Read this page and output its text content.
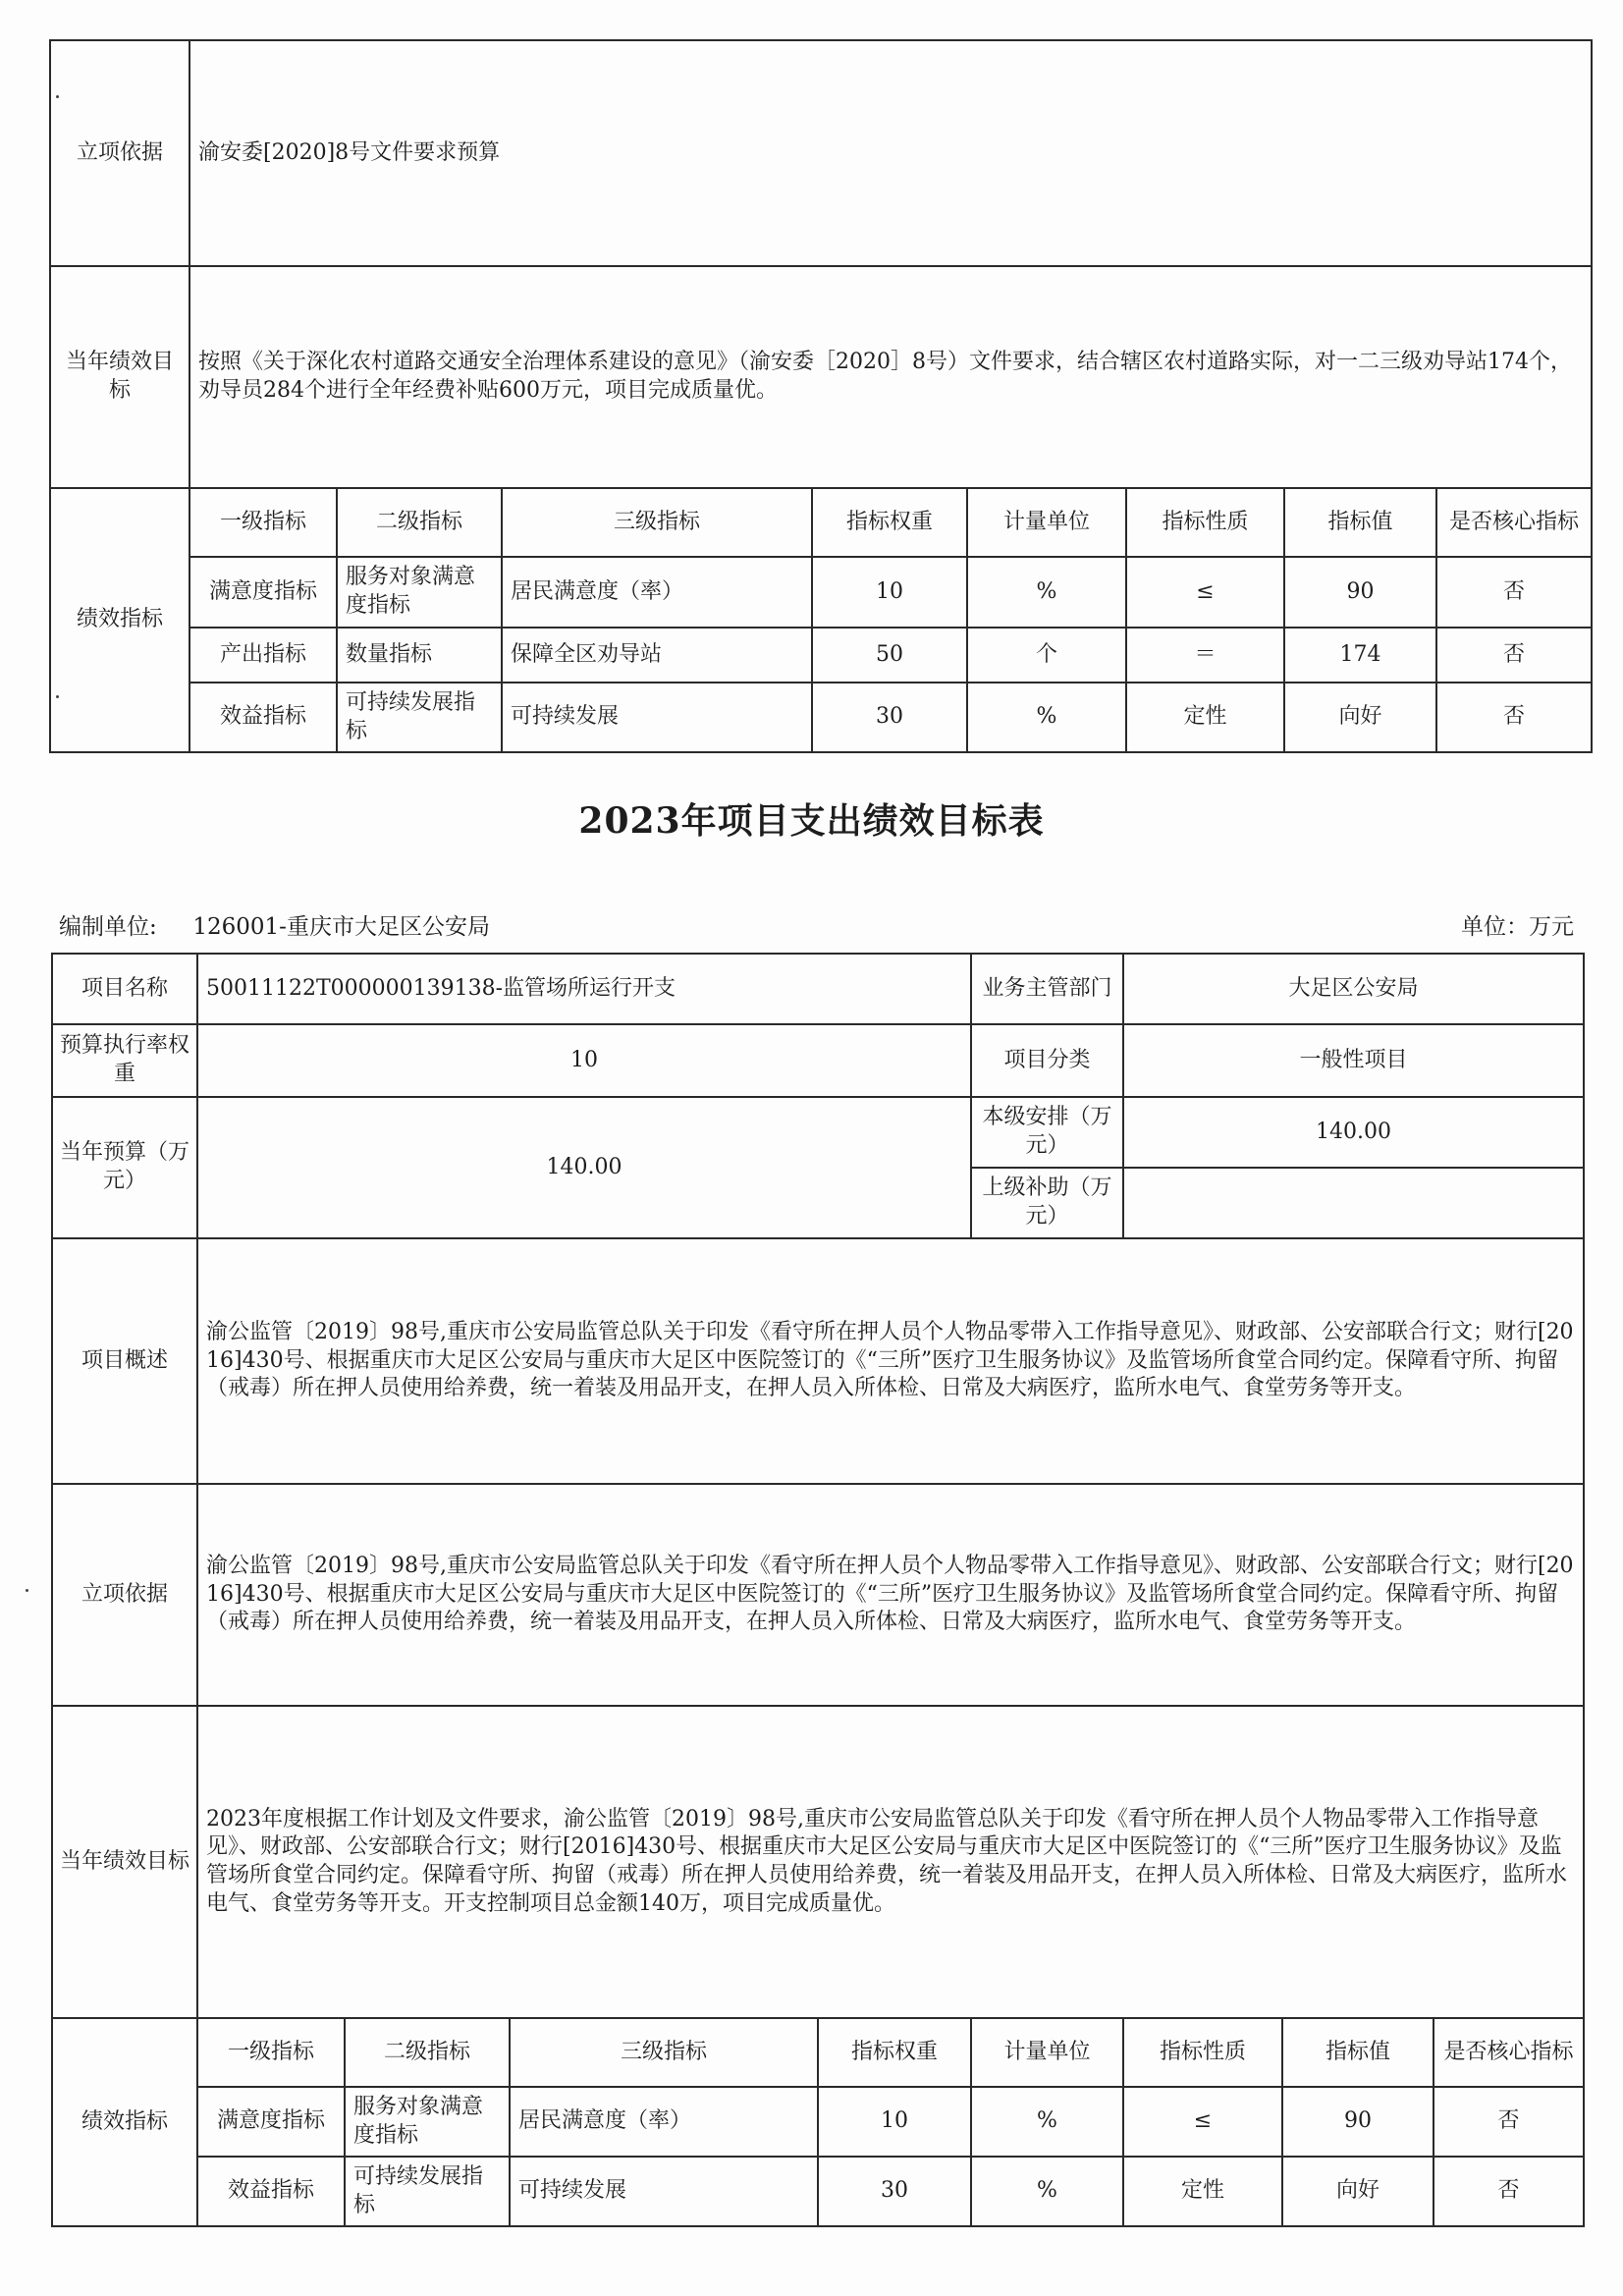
立项依据	渝安委[2020]8号文件要求预算							
当年绩效目标	按照《关于深化农村道路交通安全治理体系建设的意见》（渝安委［2020］8号）文件要求，结合辖区农村道路实际，对一二三级劝导站174个，劝导员284个进行全年经费补贴600万元，项目完成质量优。							
绩效指标	一级指标	二级指标	三级指标	指标权重	计量单位	指标性质	指标值	是否核心指标
	满意度指标	服务对象满意度指标	居民满意度（率）	10	%	≤	90	否
	产出指标	数量指标	保障全区劝导站	50	个	＝	174	否
	效益指标	可持续发展指标	可持续发展	30	%	定性	向好	否
2023年项目支出绩效目标表
编制单位: 126001-重庆市大足区公安局	单位：万元
项目名称	50011122T000000139138-监管场所运行开支				业务主管部门	大足区公安局		
预算执行率权重	10				项目分类	一般性项目		
当年预算（万元）	140.00				本级安排（万元）	140.00		
					上级补助（万元）			
项目概述	渝公监管〔2019〕98号,重庆市公安局监管总队关于印发《看守所在押人员个人物品零带入工作指导意见》、财政部、公安部联合行文；财行[2016]430号、根据重庆市大足区公安局与重庆市大足区中医院签订的《“三所”医疗卫生服务协议》及监管场所食堂合同约定。保障看守所、拘留（戒毒）所在押人员使用给养费，统一着装及用品开支，在押人员入所体检、日常及大病医疗，监所水电气、食堂劳务等开支。							
立项依据	渝公监管〔2019〕98号,重庆市公安局监管总队关于印发《看守所在押人员个人物品零带入工作指导意见》、财政部、公安部联合行文；财行[2016]430号、根据重庆市大足区公安局与重庆市大足区中医院签订的《“三所”医疗卫生服务协议》及监管场所食堂合同约定。保障看守所、拘留（戒毒）所在押人员使用给养费，统一着装及用品开支，在押人员入所体检、日常及大病医疗，监所水电气、食堂劳务等开支。							
当年绩效目标	2023年度根据工作计划及文件要求，渝公监管〔2019〕98号,重庆市公安局监管总队关于印发《看守所在押人员个人物品零带入工作指导意见》、财政部、公安部联合行文；财行[2016]430号、根据重庆市大足区公安局与重庆市大足区中医院签订的《“三所”医疗卫生服务协议》及监管场所食堂合同约定。保障看守所、拘留（戒毒）所在押人员使用给养费，统一着装及用品开支，在押人员入所体检、日常及大病医疗，监所水电气、食堂劳务等开支。开支控制项目总金额140万，项目完成质量优。							
绩效指标	一级指标	二级指标	三级指标	指标权重	计量单位	指标性质	指标值	是否核心指标
	满意度指标	服务对象满意度指标	居民满意度（率）	10	%	≤	90	否
	效益指标	可持续发展指标	可持续发展	30	%	定性	向好	否
